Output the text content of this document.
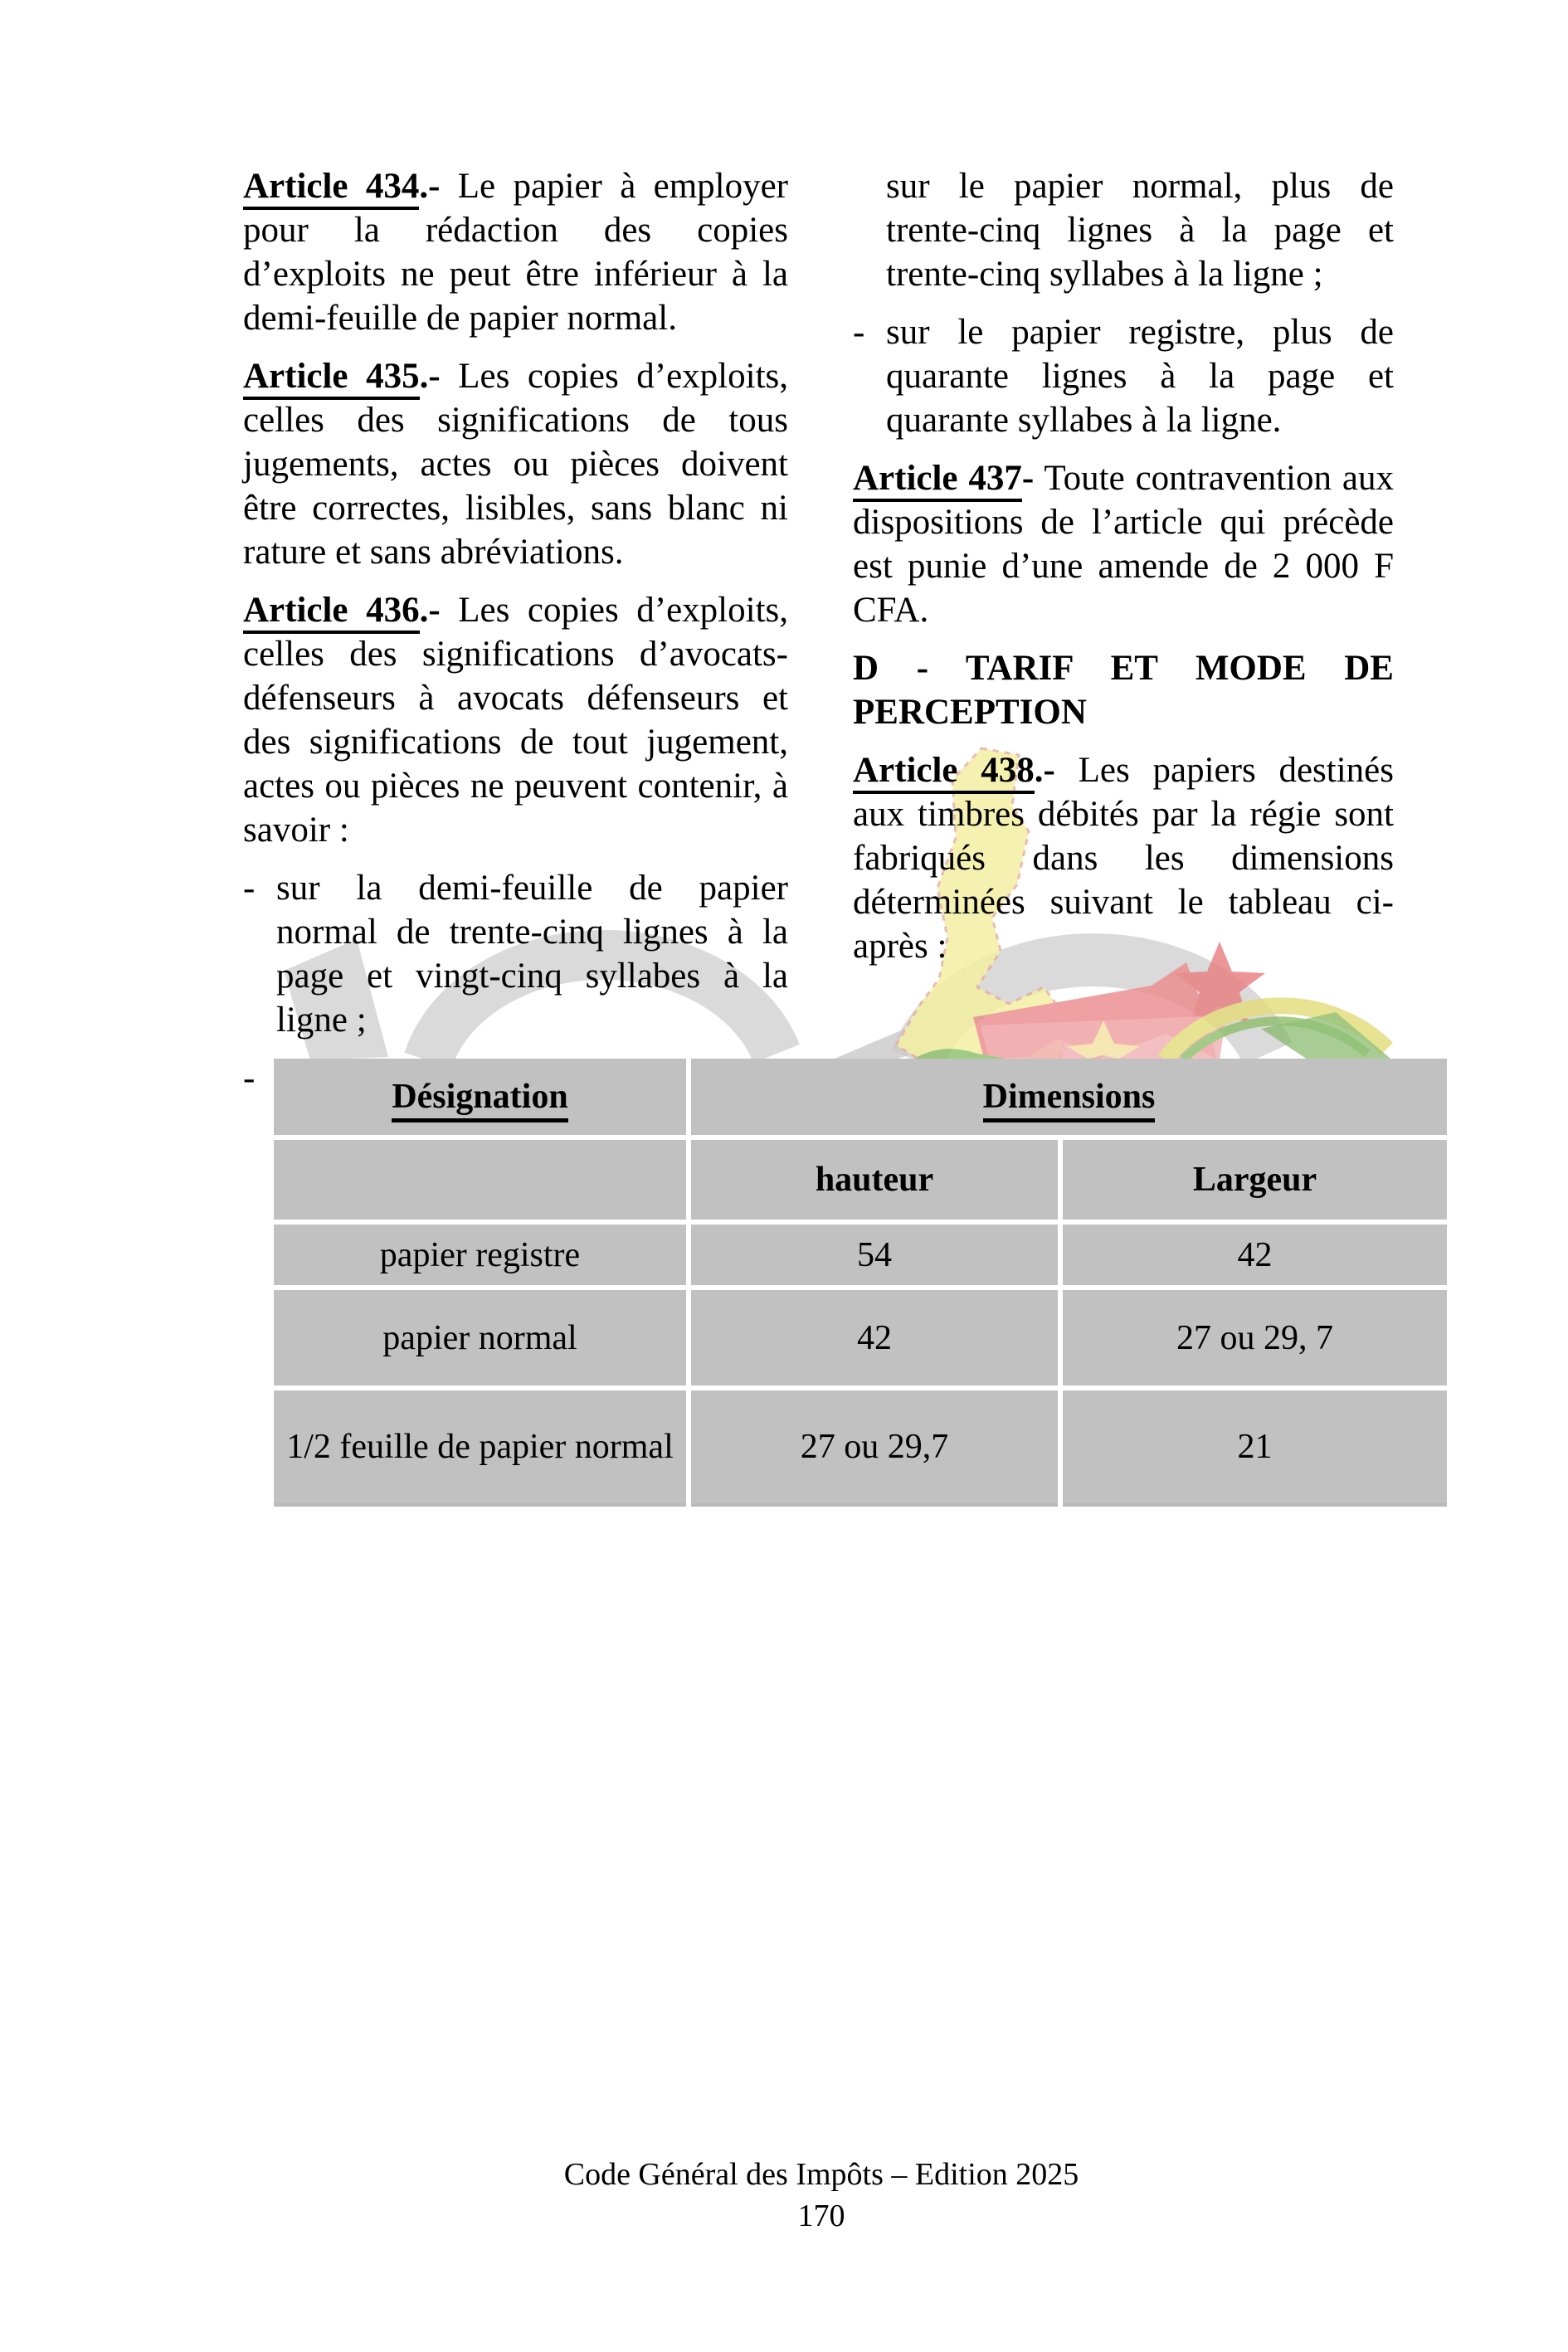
Article 434.- Le papier à employer pour la rédaction des copies d’exploits ne peut être inférieur à la demi-feuille de papier normal.

Article 435.- Les copies d’exploits, celles des significations de tous jugements, actes ou pièces doivent être correctes, lisibles, sans blanc ni rature et sans abréviations.

Article 436.- Les copies d’exploits, celles des significations d’avocats-défenseurs à avocats défenseurs et des significations de tout jugement, actes ou pièces ne peuvent contenir, à savoir :

- sur la demi-feuille de papier normal de trente-cinq lignes à la page et vingt-cinq syllabes à la ligne ;

-

sur le papier normal, plus de trente-cinq lignes à la page et trente-cinq syllabes à la ligne ;

- sur le papier registre, plus de quarante lignes à la page et quarante syllabes à la ligne.

Article 437- Toute contravention aux dispositions de l’article qui précède est punie d’une amende de 2 000 F CFA.

D - TARIF ET MODE DE PERCEPTION

Article 438.- Les papiers destinés aux timbres débités par la régie sont fabriqués dans les dimensions déterminées suivant le tableau ci-après :

Désignation	Dimensions	
	hauteur	Largeur
papier registre	54	42
papier normal	42	27 ou 29, 7
1/2 feuille de papier normal	27 ou 29,7	21
Code Général des Impôts – Edition 2025
170
